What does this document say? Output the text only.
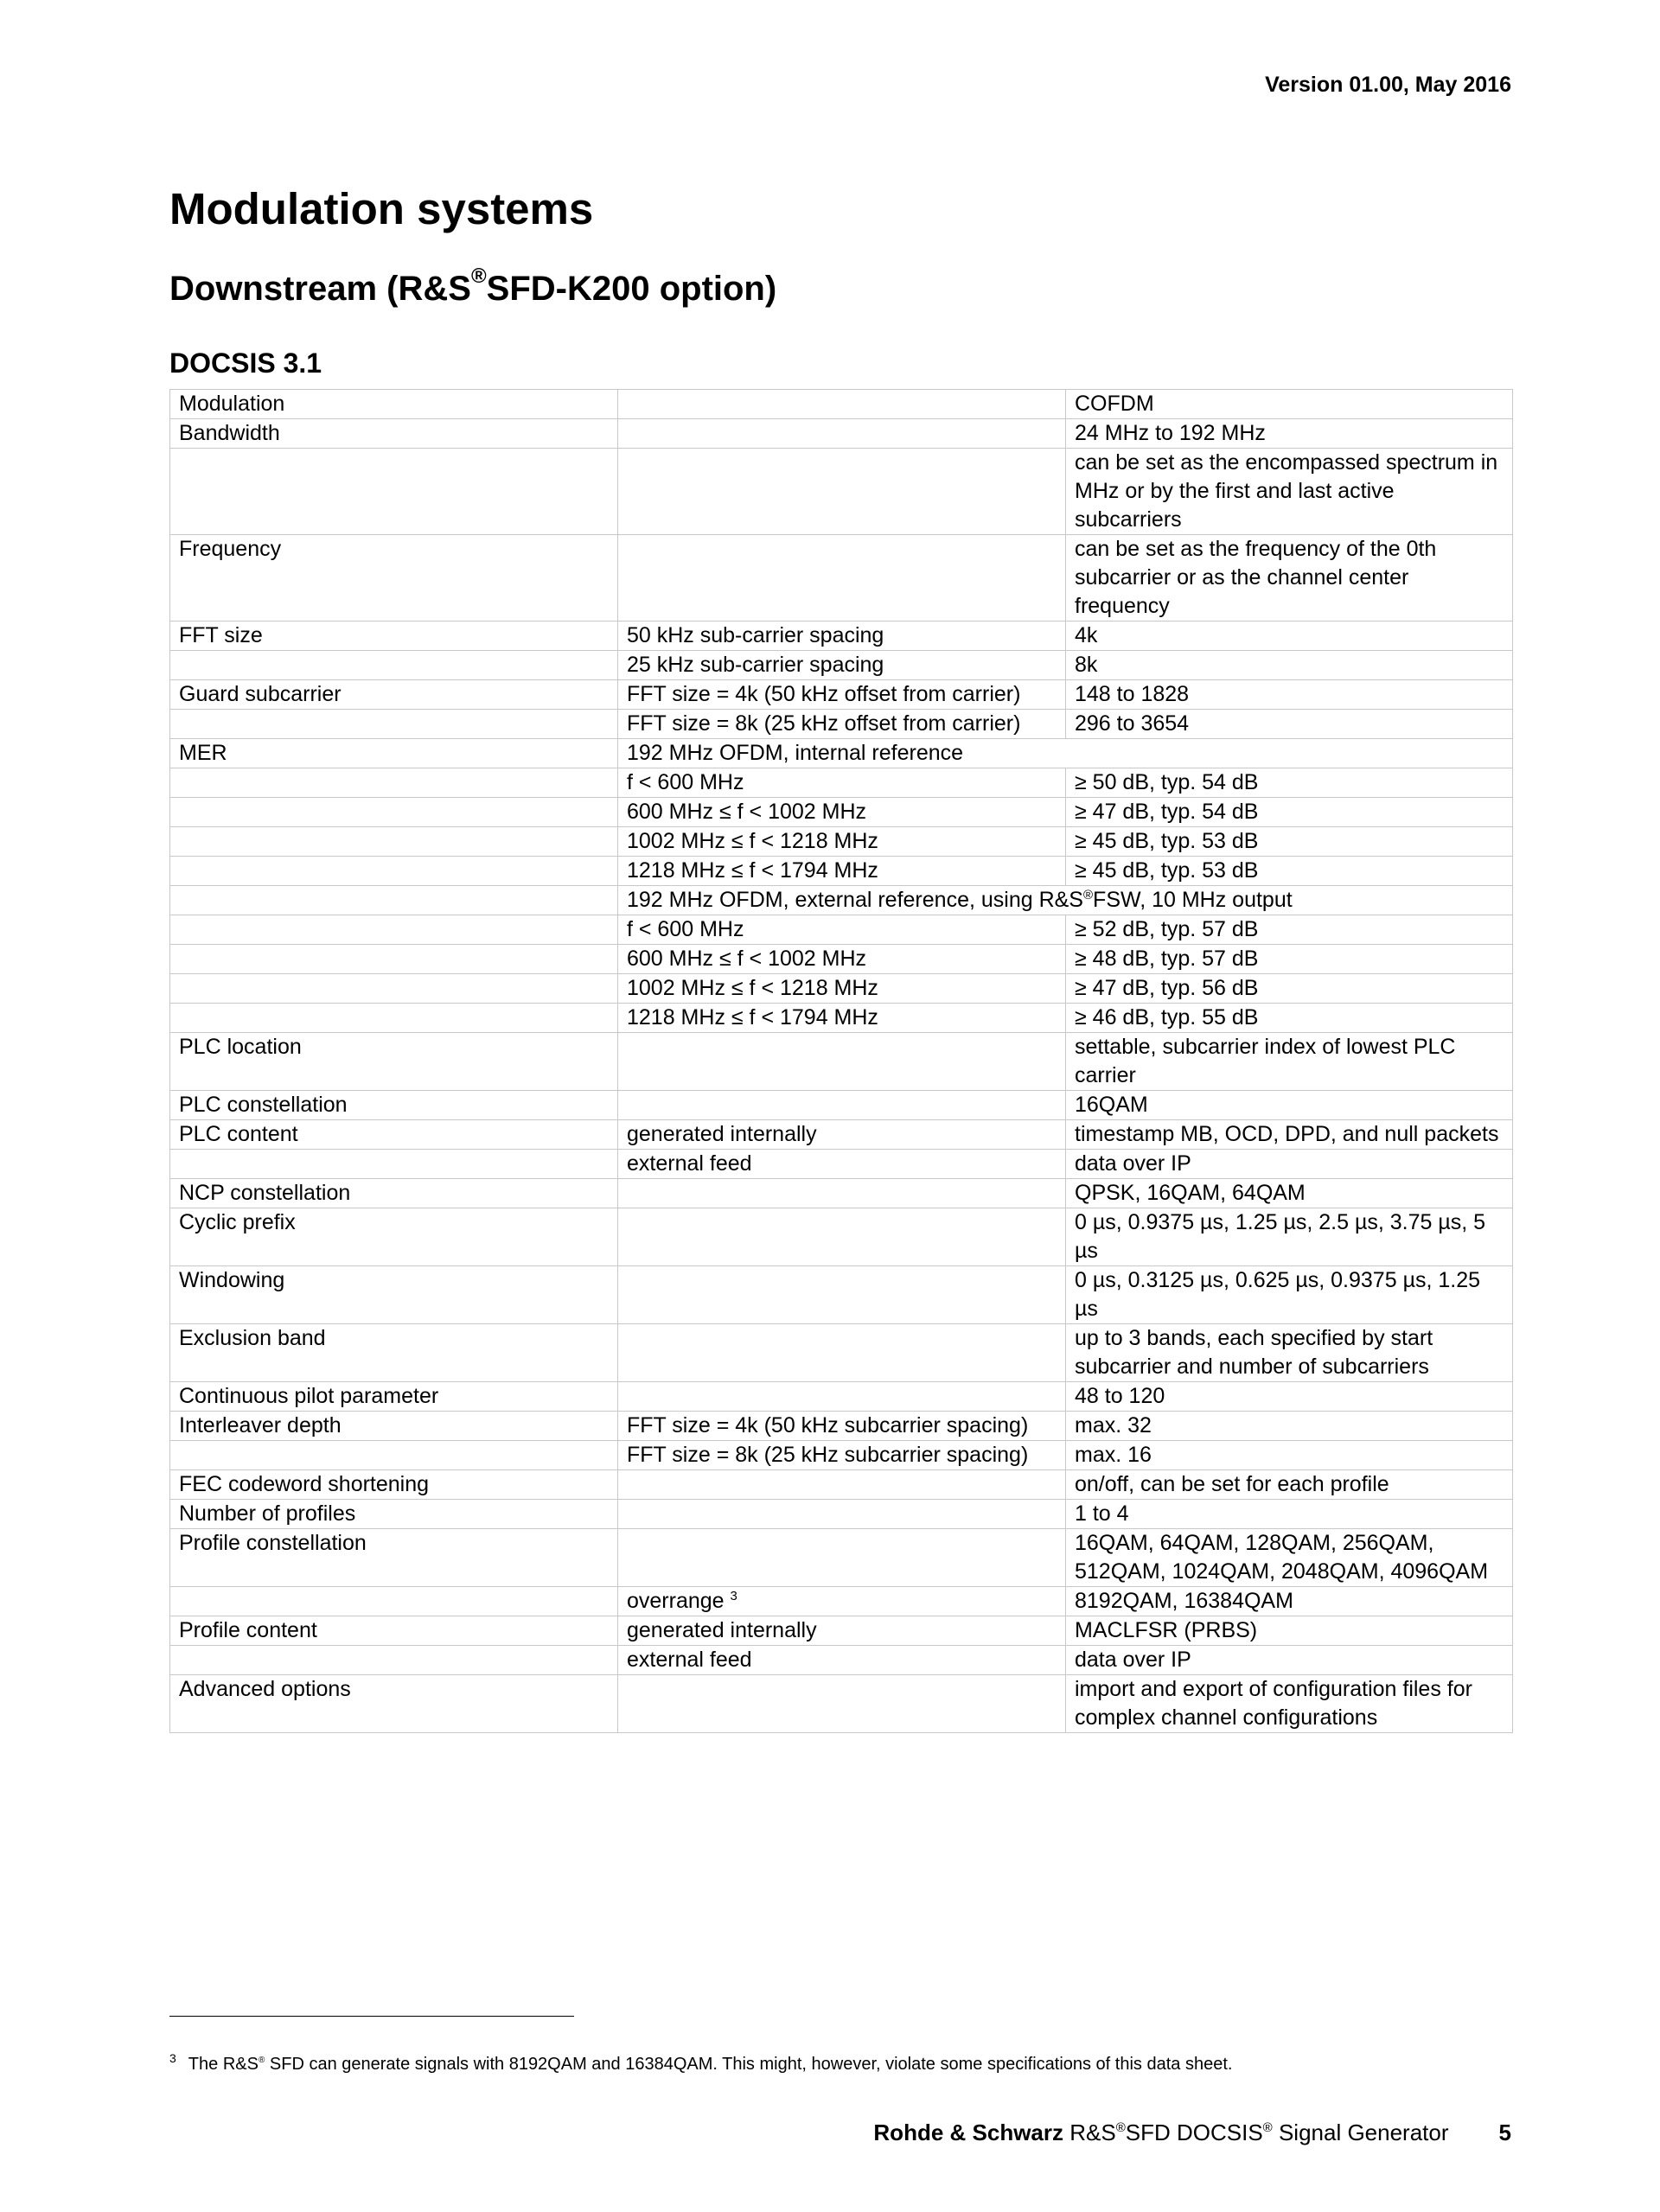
Version 01.00, May 2016
Modulation systems
Downstream (R&S®SFD-K200 option)
DOCSIS 3.1
Modulation		COFDM
Bandwidth		24 MHz to 192 MHz
		can be set as the encompassed spectrum in MHz or by the first and last active subcarriers
Frequency		can be set as the frequency of the 0th subcarrier or as the channel center frequency
FFT size	50 kHz sub-carrier spacing	4k
	25 kHz sub-carrier spacing	8k
Guard subcarrier	FFT size = 4k (50 kHz offset from carrier)	148 to 1828
	FFT size = 8k (25 kHz offset from carrier)	296 to 3654
MER	192 MHz OFDM, internal reference	
	f < 600 MHz	≥ 50 dB, typ. 54 dB
	600 MHz ≤ f < 1002 MHz	≥ 47 dB, typ. 54 dB
	1002 MHz ≤ f < 1218 MHz	≥ 45 dB, typ. 53 dB
	1218 MHz ≤ f < 1794 MHz	≥ 45 dB, typ. 53 dB
	192 MHz OFDM, external reference, using R&S®FSW, 10 MHz output	
	f < 600 MHz	≥ 52 dB, typ. 57 dB
	600 MHz ≤ f < 1002 MHz	≥ 48 dB, typ. 57 dB
	1002 MHz ≤ f < 1218 MHz	≥ 47 dB, typ. 56 dB
	1218 MHz ≤ f < 1794 MHz	≥ 46 dB, typ. 55 dB
PLC location		settable, subcarrier index of lowest PLC carrier
PLC constellation		16QAM
PLC content	generated internally	timestamp MB, OCD, DPD, and null packets
	external feed	data over IP
NCP constellation		QPSK, 16QAM, 64QAM
Cyclic prefix		0 µs, 0.9375 µs, 1.25 µs, 2.5 µs, 3.75 µs, 5 µs
Windowing		0 µs, 0.3125 µs, 0.625 µs, 0.9375 µs, 1.25 µs
Exclusion band		up to 3 bands, each specified by start subcarrier and number of subcarriers
Continuous pilot parameter		48 to 120
Interleaver depth	FFT size = 4k (50 kHz subcarrier spacing)	max. 32
	FFT size = 8k (25 kHz subcarrier spacing)	max. 16
FEC codeword shortening		on/off, can be set for each profile
Number of profiles		1 to 4
Profile constellation		16QAM, 64QAM, 128QAM, 256QAM, 512QAM, 1024QAM, 2048QAM, 4096QAM
	overrange $^3$	8192QAM, 16384QAM
Profile content	generated internally	MACLFSR (PRBS)
	external feed	data over IP
Advanced options		import and export of configuration files for complex channel configurations
$^3$ The R&S® SFD can generate signals with 8192QAM and 16384QAM. This might, however, violate some specifications of this data sheet.
Rohde & Schwarz R&S®SFD DOCSIS® Signal Generator 5
